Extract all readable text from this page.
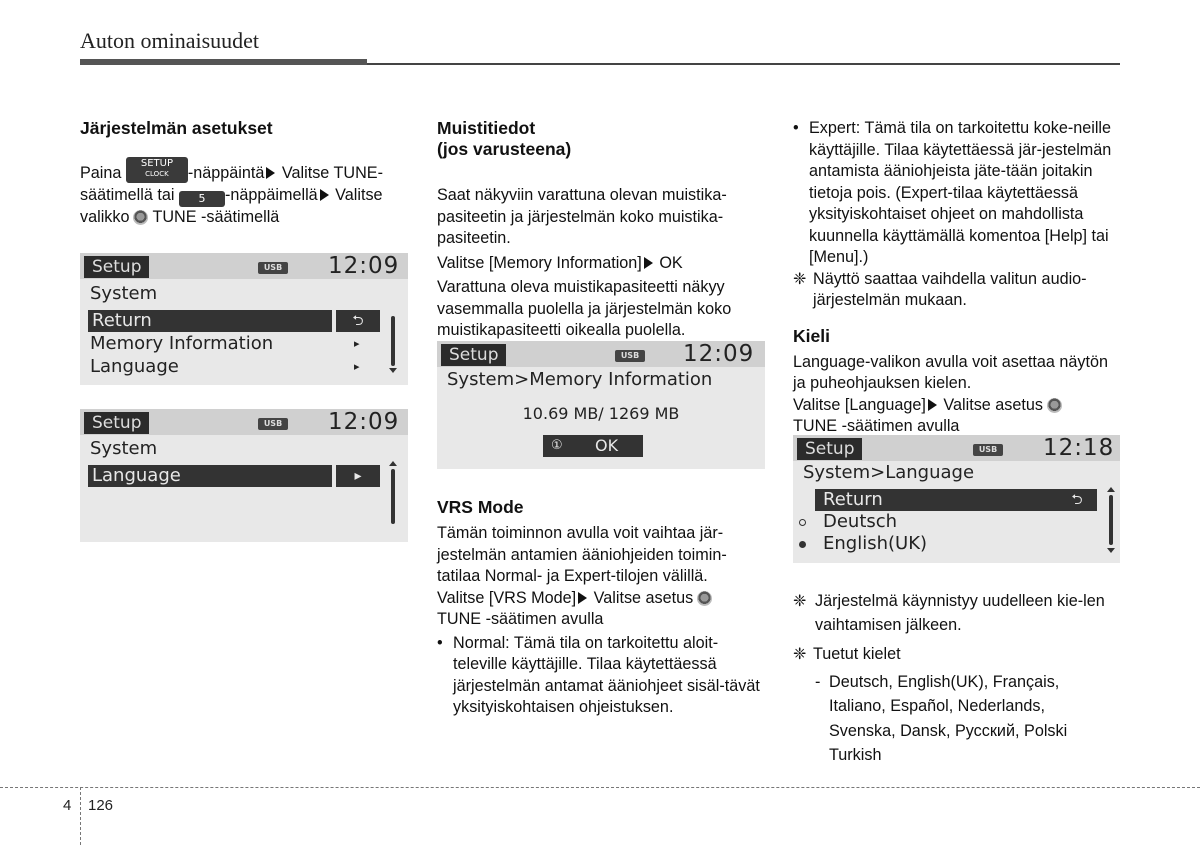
Auton ominaisuudet
Järjestelmän asetukset
Paina SETUP
CLOCK	-näppäintä Valitse TUNE-
säätimellä tai 5 -näppäimellä Valitse
valikko TUNE -säätimellä
Setup	USB 12:09
System
Return	⮌
Memory Information	▸
Language	▸
Setup	USB 12:09
System
Language	▸
Muistitiedot
(jos varusteena)

Saat näkyviin varattuna olevan muistika-pasiteetin ja järjestelmän koko muistika-pasiteetin.

Valitse [Memory Information] OK

Varattuna oleva muistikapasiteetti näkyy vasemmalla puolella ja järjestelmän koko muistikapasiteetti oikealla puolella.

Setup	USB 12:09
System>Memory Information
10.69 MB/ 1269 MB
① OK
VRS Mode

Tämän toiminnon avulla voit vaihtaa jär-jestelmän antamien ääniohjeiden toimin-tatilaa Normal- ja Expert-tilojen välillä.

Valitse [VRS Mode] Valitse asetus
TUNE -säätimen avulla

• Normal: Tämä tila on tarkoitettu aloit-televille käyttäjille. Tilaa käytettäessä järjestelmän antamat ääniohjeet sisäl-tävät yksityiskohtaisen ohjeistuksen.
• Expert: Tämä tila on tarkoitettu koke-neille käyttäjille. Tilaa käytettäessä jär-jestelmän antamista ääniohjeista jäte-tään joitakin tietoja pois. (Expert-tilaa käytettäessä yksityiskohtaiset ohjeet on mahdollista kuunnella käyttämällä komentoa [Help] tai [Menu].)
❈ Näyttö saattaa vaihdella valitun audio-järjestelmän mukaan.
Kieli

Language-valikon avulla voit asettaa näytön ja puheohjauksen kielen.

Valitse [Language] Valitse asetus
TUNE -säätimen avulla

Setup	USB 12:18
System>Language
Return	⮌
Deutsch
English(UK)
❈ Järjestelmä käynnistyy uudelleen kie-len vaihtamisen jälkeen.
❈ Tuetut kielet
- Deutsch, English(UK), Français,
Italiano, Español, Nederlands,
Svenska, Dansk, Русский, Polski
Turkish
4 126
